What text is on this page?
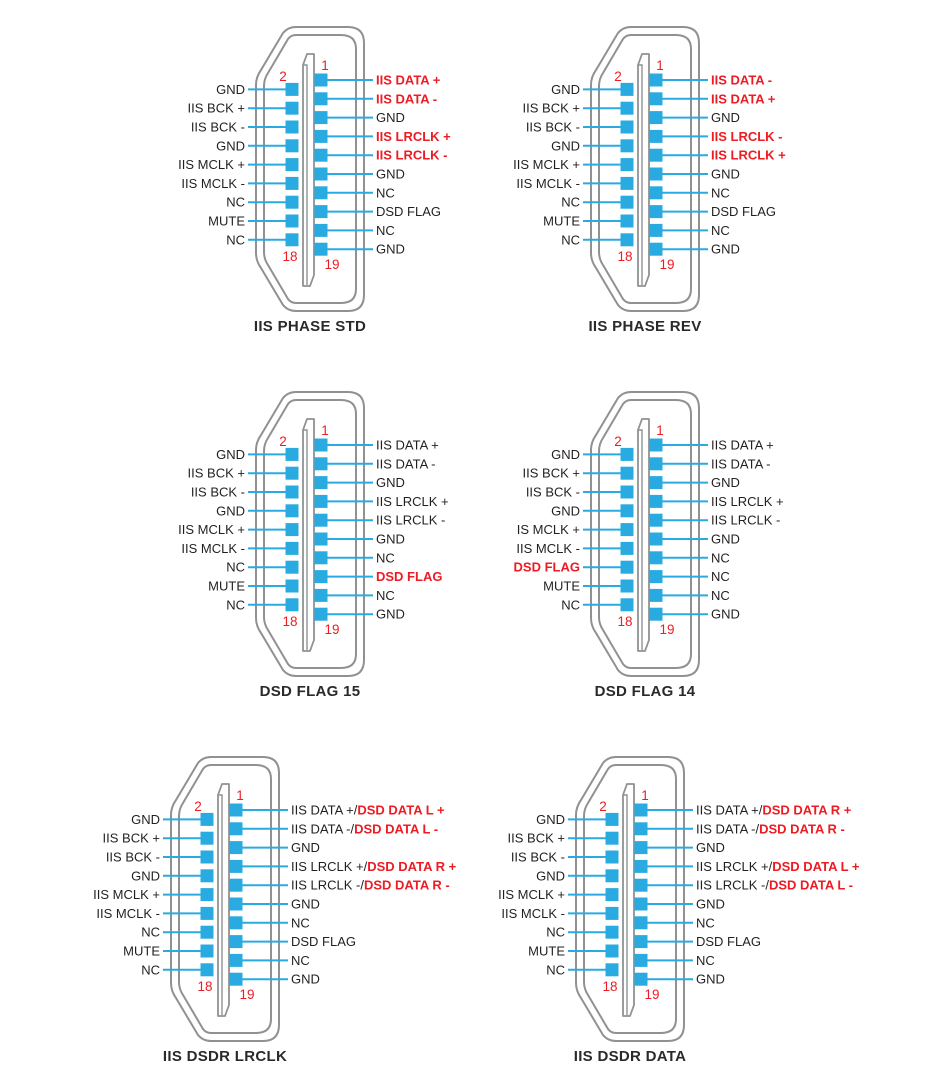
GND
IIS BCK +
IIS BCK -
GND
IIS MCLK +
IIS MCLK -
NC
MUTE
NC
IIS DATA +
IIS DATA -
GND
IIS LRCLK +
IIS LRCLK -
GND
NC
DSD FLAG
NC
GND
2
1
18
19
IIS PHASE STD
GND
IIS BCK +
IIS BCK -
GND
IIS MCLK +
IIS MCLK -
NC
MUTE
NC
IIS DATA -
IIS DATA +
GND
IIS LRCLK -
IIS LRCLK +
GND
NC
DSD FLAG
NC
GND
2
1
18
19
IIS PHASE REV
GND
IIS BCK +
IIS BCK -
GND
IIS MCLK +
IIS MCLK -
NC
MUTE
NC
IIS DATA +
IIS DATA -
GND
IIS LRCLK +
IIS LRCLK -
GND
NC
DSD FLAG
NC
GND
2
1
18
19
DSD FLAG 15
GND
IIS BCK +
IIS BCK -
GND
IS MCLK +
IIS MCLK -
DSD FLAG
MUTE
NC
IIS DATA +
IIS DATA -
GND
IIS LRCLK +
IIS LRCLK -
GND
NC
NC
NC
GND
2
1
18
19
DSD FLAG 14
GND
IIS BCK +
IIS BCK -
GND
IIS MCLK +
IIS MCLK -
NC
MUTE
NC
IIS DATA +/DSD DATA L +
IIS DATA -/DSD DATA L -
GND
IIS LRCLK +/DSD DATA R +
IIS LRCLK -/DSD DATA R -
GND
NC
DSD FLAG
NC
GND
2
1
18
19
IIS DSDR LRCLK
GND
IIS BCK +
IIS BCK -
GND
IIS MCLK +
IIS MCLK -
NC
MUTE
NC
IIS DATA +/DSD DATA R +
IIS DATA -/DSD DATA R -
GND
IIS LRCLK +/DSD DATA L +
IIS LRCLK -/DSD DATA L -
GND
NC
DSD FLAG
NC
GND
2
1
18
19
IIS DSDR DATA
